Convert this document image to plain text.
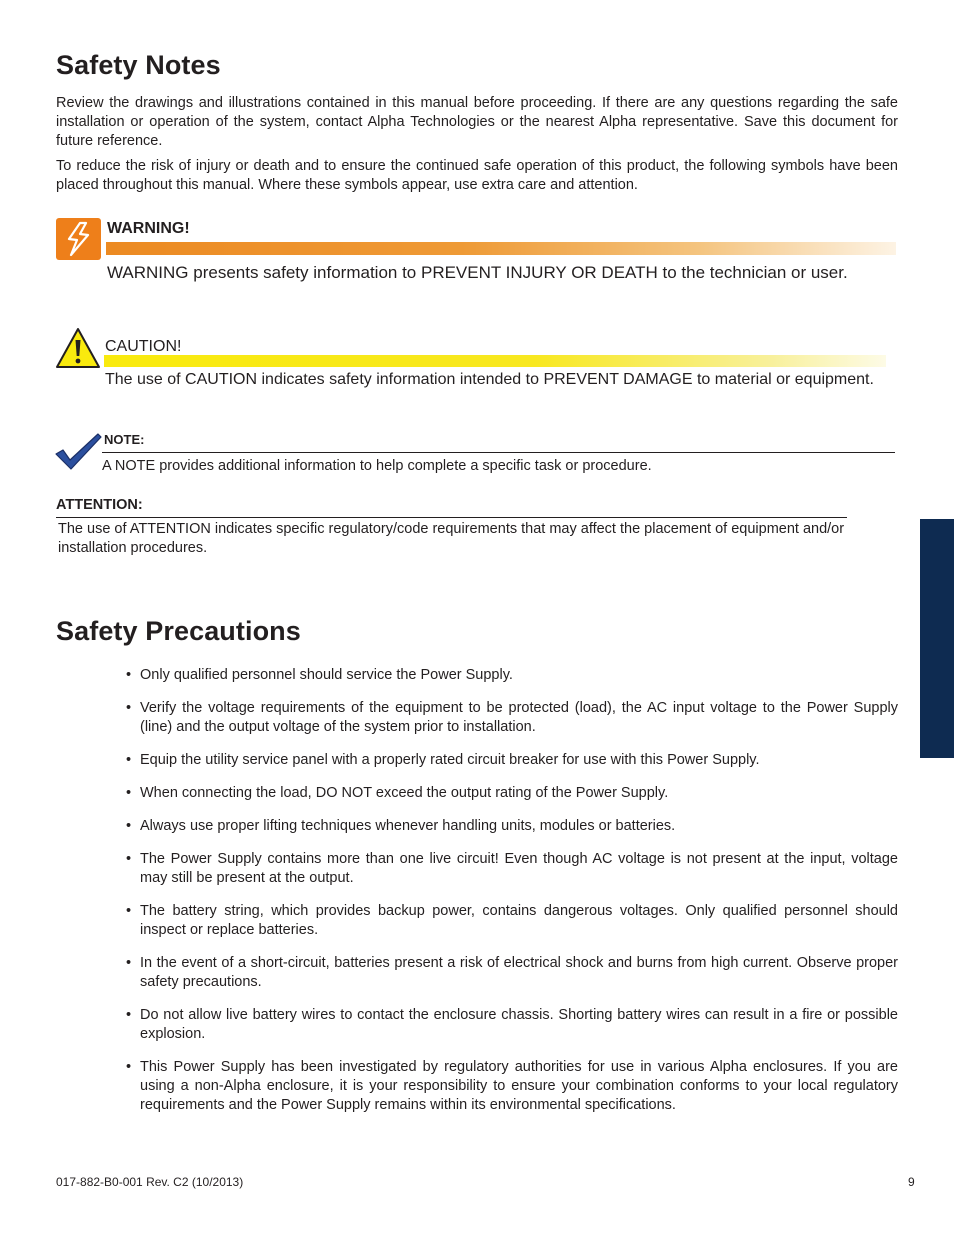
Safety Notes

Review the drawings and illustrations contained in this manual before proceeding. If there are any questions regarding the safe installation or operation of the system, contact Alpha Technologies or the nearest Alpha representative. Save this document for future reference.

To reduce the risk of injury or death and to ensure the continued safe operation of this product, the following symbols have been placed throughout this manual. Where these symbols appear, use extra care and attention.

WARNING!

WARNING presents safety information to PREVENT INJURY OR DEATH to the technician or user.

CAUTION!

The use of CAUTION indicates safety information intended to PREVENT DAMAGE to material or equipment.

NOTE:

A NOTE provides additional information to help complete a specific task or procedure.

ATTENTION:

The use of ATTENTION indicates specific regulatory/code requirements that may affect the placement of equipment and/or installation procedures.

Safety Precautions
• Only qualified personnel should service the Power Supply.
• Verify the voltage requirements of the equipment to be protected (load), the AC input voltage to the Power Supply (line) and the output voltage of the system prior to installation.
• Equip the utility service panel with a properly rated circuit breaker for use with this Power Supply.
• When connecting the load, DO NOT exceed the output rating of the Power Supply.
• Always use proper lifting techniques whenever handling units, modules or batteries.
• The Power Supply contains more than one live circuit! Even though AC voltage is not present at the input, voltage may still be present at the output.
• The battery string, which provides backup power, contains dangerous voltages. Only qualified personnel should inspect or replace batteries.
• In the event of a short-circuit, batteries present a risk of electrical shock and burns from high current. Observe proper safety precautions.
• Do not allow live battery wires to contact the enclosure chassis. Shorting battery wires can result in a fire or possible explosion.
• This Power Supply has been investigated by regulatory authorities for use in various Alpha enclosures. If you are using a non-Alpha enclosure, it is your responsibility to ensure your combination conforms to your local regulatory requirements and the Power Supply remains within its environmental specifications.
017-882-B0-001 Rev. C2 (10/2013)	9
